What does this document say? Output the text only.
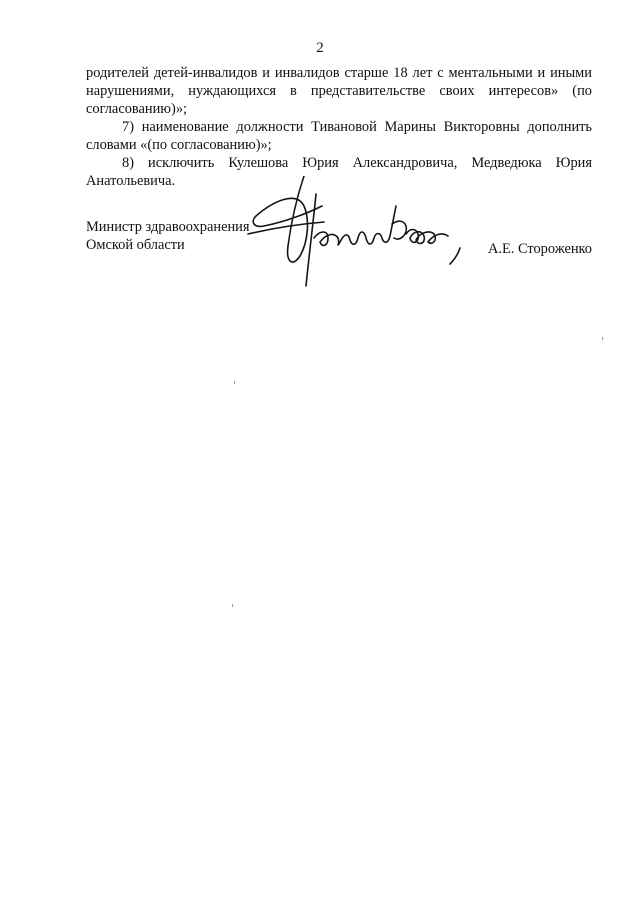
2

родителей детей-инвалидов и инвалидов старше 18 лет с ментальными и иными нарушениями, нуждающихся в представительстве своих интересов» (по согласованию)»;

7) наименование должности Тивановой Марины Викторовны дополнить словами «(по согласованию)»;

8) исключить Кулешова Юрия Александровича, Медведюка Юрия Анатольевича.

Министр здравоохранения
Омской области	А.Е. Стороженко
